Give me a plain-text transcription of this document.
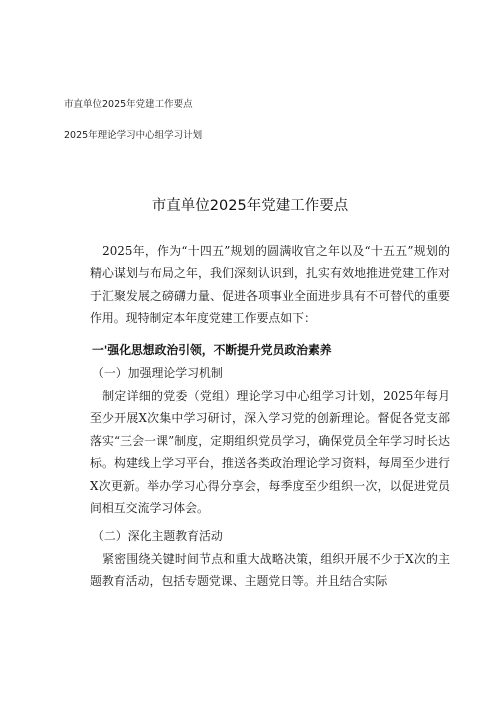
市直单位2025年党建工作要点
2025年理论学习中心组学习计划
市直单位2025年党建工作要点
　2025年，作为“十四五”规划的圆满收官之年以及“十五五”规划的精心谋划与布局之年，我们深刻认识到，扎实有效地推进党建工作对于汇聚发展之磅礴力量、促进各项事业全面进步具有不可替代的重要作用。现特制定本年度党建工作要点如下：
一'强化思想政治引领，不断提升党员政治素养
（一）加强理论学习机制
　制定详细的党委（党组）理论学习中心组学习计划，2025年每月至少开展X次集中学习研讨，深入学习党的创新理论。督促各党支部落实“三会一课”制度，定期组织党员学习，确保党员全年学习时长达标。构建线上学习平台，推送各类政治理论学习资料，每周至少进行X次更新。举办学习心得分享会，每季度至少组织一次，以促进党员间相互交流学习体会。
（二）深化主题教育活动
　紧密围绕关键时间节点和重大战略决策，组织开展不少于X次的主题教育活动，包括专题党课、主题党日等。并且结合实际
